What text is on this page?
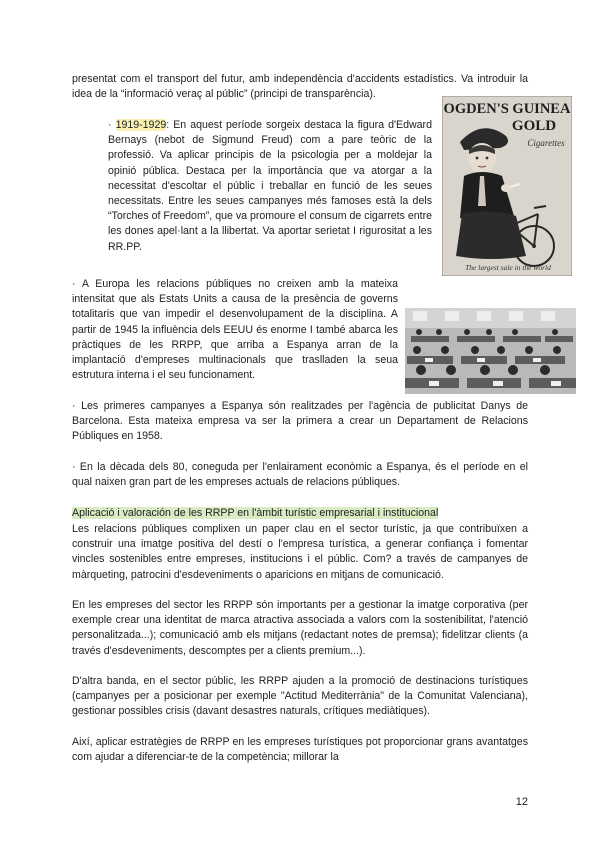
presentat com el transport del futur, amb independència d'accidents estadístics. Va introduir la idea de la “informació veraç al públic” (principi de transparència).

· 1919-1929: En aquest període sorgeix destaca la figura d'Edward Bernays (nebot de Sigmund Freud) com a pare teòric de la professió. Va aplicar principis de la psicologia per a moldejar la opinió pública. Destaca per la importància que va atorgar a la necessitat d'escoltar el públic i treballar en funció de les seues necessitats. Entre les seues campanyes més famoses està la dels “Torches of Freedom”, que va promoure el consum de cigarrets entre les dones apel·lant a la llibertat. Va aportar serietat I rigurositat a les RR.PP.

OGDEN'S GUINEA
GOLD
Cigarettes
The largest sale in the world

· A Europa les relacions públiques no creixen amb la mateixa intensitat que als Estats Units a causa de la presència de governs totalitaris que van impedir el desenvolupament de la disciplina. A partir de 1945 la influència dels EEUU és enorme I també abarca les pràctiques de les RRPP, que arriba a Espanya arran de la implantació d'empreses multinacionals que traslladen la seua estrutura interna i el seu funcionament.

· Les primeres campanyes a Espanya són realitzades per l'agència de publicitat Danys de Barcelona. Esta mateixa empresa va ser la primera a crear un Departament de Relacions Públiques en 1958.

· En la dècada dels 80, coneguda per l'enlairament econòmic a Espanya, és el període en el qual naixen gran part de les empreses actuals de relacions públiques.

Aplicació i valoración de les RRPP en l'àmbit turístic empresarial i institucional

Les relacions públiques complixen un paper clau en el sector turístic, ja que contribuïxen a construir una imatge positiva del destí o l'empresa turística, a generar confiança i fomentar vincles sostenibles entre empreses, institucions i el públic. Com? a través de campanyes de màrqueting, patrocini d'esdeveniments o aparicions en mitjans de comunicació.

En les empreses del sector les RRPP són importants per a gestionar la imatge corporativa (per exemple crear una identitat de marca atractiva associada a valors com la sostenibilitat, l'atenció personalitzada...); comunicació amb els mitjans (redactant notes de premsa); fidelitzar clients (a través d'esdeveniments, descomptes per a clients premium...).

D'altra banda, en el sector públic, les RRPP ajuden a la promoció de destinacions turístiques (campanyes per a posicionar per exemple "Actitud Mediterrània" de la Comunitat Valenciana), gestionar possibles crisis (davant desastres naturals, crítiques mediàtiques).

Així, aplicar estratègies de RRPP en les empreses turístiques pot proporcionar grans avantatges com ajudar a diferenciar-te de la competència; millorar la

12
